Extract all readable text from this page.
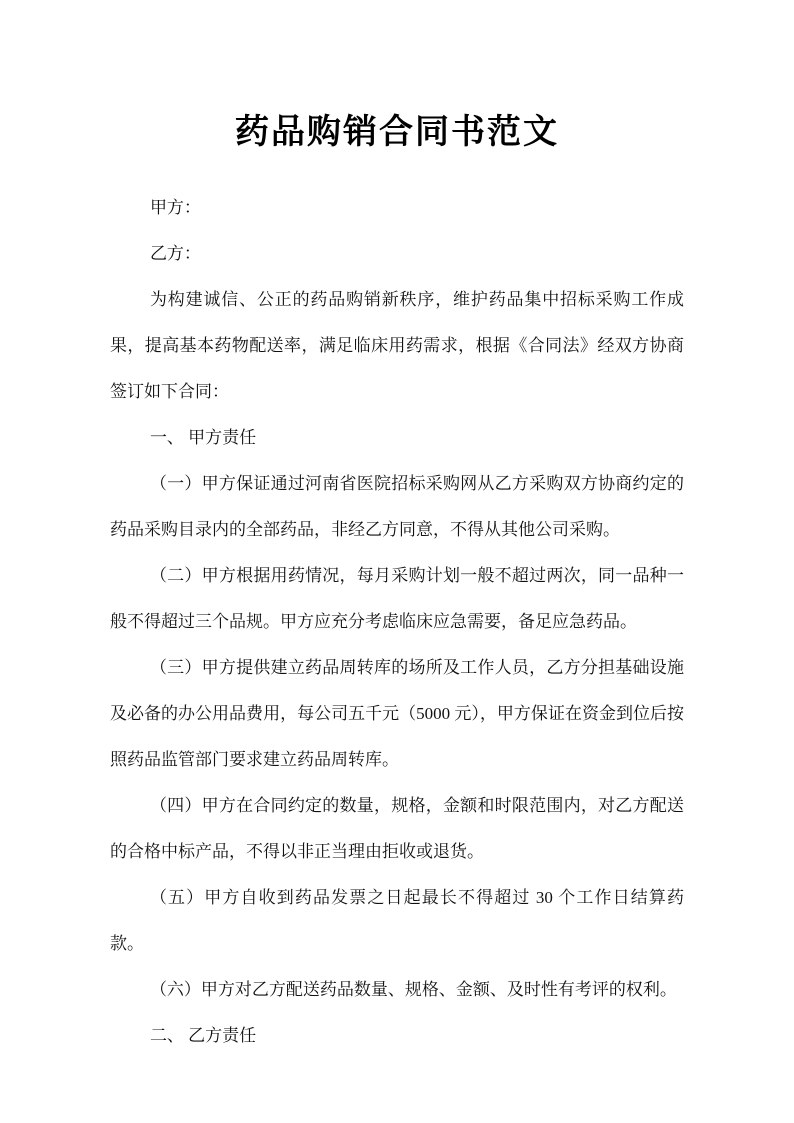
药品购销合同书范文

甲方：

乙方：

为构建诚信、公正的药品购销新秩序，维护药品集中招标采购工作成果，提高基本药物配送率，满足临床用药需求，根据《合同法》经双方协商签订如下合同：

一、 甲方责任

（一）甲方保证通过河南省医院招标采购网从乙方采购双方协商约定的药品采购目录内的全部药品，非经乙方同意，不得从其他公司采购。

（二）甲方根据用药情况，每月采购计划一般不超过两次，同一品种一般不得超过三个品规。甲方应充分考虑临床应急需要，备足应急药品。

（三）甲方提供建立药品周转库的场所及工作人员，乙方分担基础设施及必备的办公用品费用，每公司五千元（5000 元），甲方保证在资金到位后按照药品监管部门要求建立药品周转库。

（四）甲方在合同约定的数量，规格，金额和时限范围内，对乙方配送的合格中标产品，不得以非正当理由拒收或退货。

（五）甲方自收到药品发票之日起最长不得超过 30 个工作日结算药款。

（六）甲方对乙方配送药品数量、规格、金额、及时性有考评的权利。

二、 乙方责任
